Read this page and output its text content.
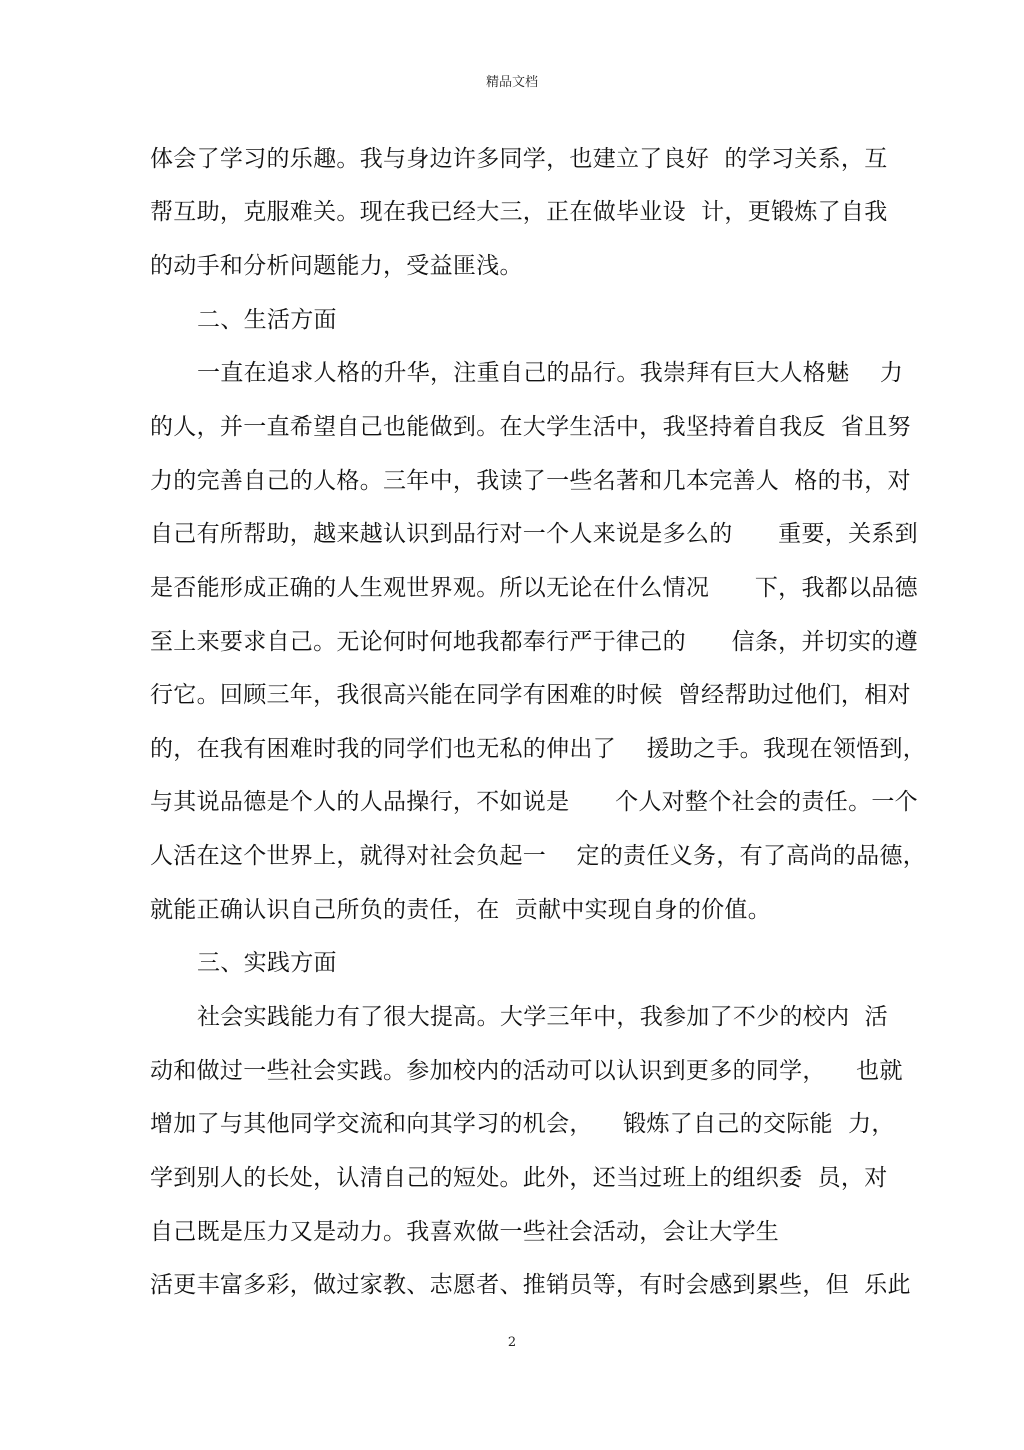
精品文档
体会了学习的乐趣。我与身边许多同学，也建立了良好  的学习关系，互
帮互助，克服难关。现在我已经大三，正在做毕业设  计，更锻炼了自我
的动手和分析问题能力，受益匪浅。
二、生活方面
一直在追求人格的升华，注重自己的品行。我崇拜有巨大人格魅    力
的人，并一直希望自己也能做到。在大学生活中，我坚持着自我反  省且努
力的完善自己的人格。三年中，我读了一些名著和几本完善人  格的书，对
自己有所帮助，越来越认识到品行对一个人来说是多么的      重要，关系到
是否能形成正确的人生观世界观。所以无论在什么情况      下，我都以品德
至上来要求自己。无论何时何地我都奉行严于律己的      信条，并切实的遵
行它。回顾三年，我很高兴能在同学有困难的时候  曾经帮助过他们，相对
的，在我有困难时我的同学们也无私的伸出了    援助之手。我现在领悟到，
与其说品德是个人的人品操行，不如说是      个人对整个社会的责任。一个
人活在这个世界上，就得对社会负起一    定的责任义务，有了高尚的品德，
就能正确认识自己所负的责任，在  贡献中实现自身的价值。
三、实践方面
社会实践能力有了很大提高。大学三年中，我参加了不少的校内  活
动和做过一些社会实践。参加校内的活动可以认识到更多的同学，    也就
增加了与其他同学交流和向其学习的机会，    锻炼了自己的交际能  力，
学到别人的长处，认清自己的短处。此外，还当过班上的组织委  员，对
自己既是压力又是动力。我喜欢做一些社会活动，会让大学生
活更丰富多彩，做过家教、志愿者、推销员等，有时会感到累些，但  乐此
2
